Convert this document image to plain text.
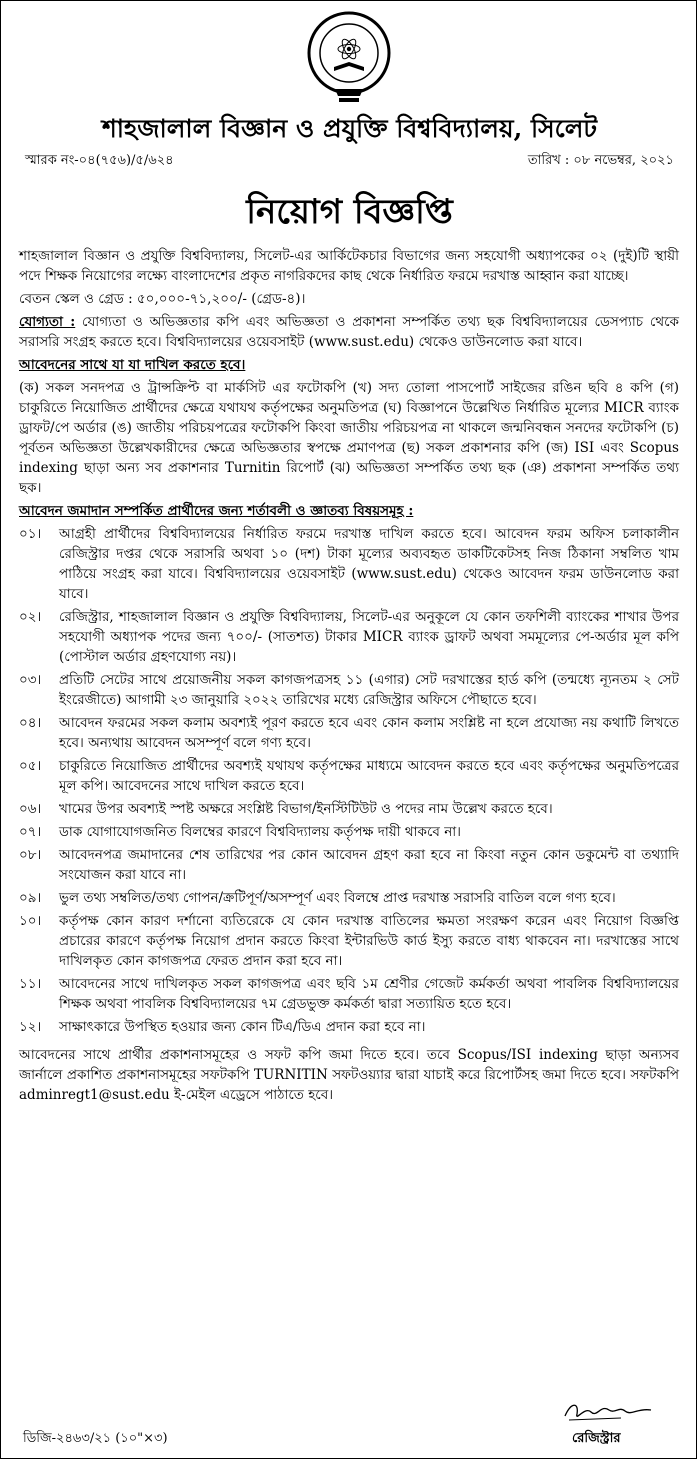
শাহজালাল বিজ্ঞান ও প্রযুক্তি বিশ্ববিদ্যালয়, সিলেট
স্মারক নং-০৪(৭৫৬)/৫/৬২৪	তারিখ : ০৮ নভেম্বর, ২০২১
নিয়োগ বিজ্ঞপ্তি

শাহজালাল বিজ্ঞান ও প্রযুক্তি বিশ্ববিদ্যালয়, সিলেট-এর আর্কিটেকচার বিভাগের জন্য সহযোগী অধ্যাপকের ০২ (দুই)টি স্থায়ী পদে শিক্ষক নিয়োগের লক্ষ্যে বাংলাদেশের প্রকৃত নাগরিকদের কাছ থেকে নির্ধারিত ফরমে দরখাস্ত আহ্বান করা যাচ্ছে।

বেতন স্কেল ও গ্রেড : ৫০,০০০-৭১,২০০/- (গ্রেড-৪)।

যোগ্যতা : যোগ্যতা ও অভিজ্ঞতার কপি এবং অভিজ্ঞতা ও প্রকাশনা সম্পর্কিত তথ্য ছক বিশ্ববিদ্যালয়ের ডেসপ্যাচ থেকে সরাসরি সংগ্রহ করতে হবে। বিশ্ববিদ্যালয়ের ওয়েবসাইট (www.sust.edu) থেকেও ডাউনলোড করা যাবে।

আবেদনের সাথে যা যা দাখিল করতে হবে।

(ক) সকল সনদপত্র ও ট্রান্সক্রিপ্ট বা মার্কসিট এর ফটোকপি (খ) সদ্য তোলা পাসপোর্ট সাইজের রঙিন ছবি ৪ কপি (গ) চাকুরিতে নিয়োজিত প্রার্থীদের ক্ষেত্রে যথাযথ কর্তৃপক্ষের অনুমতিপত্র (ঘ) বিজ্ঞাপনে উল্লেখিত নির্ধারিত মূল্যের MICR ব্যাংক ড্রাফট/পে অর্ডার (ঙ) জাতীয় পরিচয়পত্রের ফটোকপি কিংবা জাতীয় পরিচয়পত্র না থাকলে জন্মনিবন্ধন সনদের ফটোকপি (চ) পূর্বতন অভিজ্ঞতা উল্লেখকারীদের ক্ষেত্রে অভিজ্ঞতার স্বপক্ষে প্রমাণপত্র (ছ) সকল প্রকাশনার কপি (জ) ISI এবং Scopus indexing ছাড়া অন্য সব প্রকাশনার Turnitin রিপোর্ট (ঝ) অভিজ্ঞতা সম্পর্কিত তথ্য ছক (ঞ) প্রকাশনা সম্পর্কিত তথ্য ছক।

আবেদন জমাদান সম্পর্কিত প্রার্থীদের জন্য শর্তাবলী ও জ্ঞাতব্য বিষয়সমূহ :

০১।	আগ্রহী প্রার্থীদের বিশ্ববিদ্যালয়ের নির্ধারিত ফরমে দরখাস্ত দাখিল করতে হবে। আবেদন ফরম অফিস চলাকালীন রেজিস্ট্রার দপ্তর থেকে সরাসরি অথবা ১০ (দশ) টাকা মূল্যের অব্যবহৃত ডাকটিকেটসহ নিজ ঠিকানা সম্বলিত খাম পাঠিয়ে সংগ্রহ করা যাবে। বিশ্ববিদ্যালয়ের ওয়েবসাইট (www.sust.edu) থেকেও আবেদন ফরম ডাউনলোড করা যাবে।
০২।	রেজিস্ট্রার, শাহজালাল বিজ্ঞান ও প্রযুক্তি বিশ্ববিদ্যালয়, সিলেট-এর অনুকূলে যে কোন তফশিলী ব্যাংকের শাখার উপর সহযোগী অধ্যাপক পদের জন্য ৭০০/- (সাতশত) টাকার MICR ব্যাংক ড্রাফট অথবা সমমূল্যের পে-অর্ডার মূল কপি (পোস্টাল অর্ডার গ্রহণযোগ্য নয়)।
০৩।	প্রতিটি সেটের সাথে প্রয়োজনীয় সকল কাগজপত্রসহ ১১ (এগার) সেট দরখাস্তের হার্ড কপি (তন্মধ্যে ন্যূনতম ২ সেট ইংরেজীতে) আগামী ২৩ জানুয়ারি ২০২২ তারিখের মধ্যে রেজিস্ট্রার অফিসে পৌছাতে হবে।
০৪।	আবেদন ফরমের সকল কলাম অবশ্যই পূরণ করতে হবে এবং কোন কলাম সংশ্লিষ্ট না হলে প্রযোজ্য নয় কথাটি লিখতে হবে। অন্যথায় আবেদন অসম্পূর্ণ বলে গণ্য হবে।
০৫।	চাকুরিতে নিয়োজিত প্রার্থীদের অবশ্যই যথাযথ কর্তৃপক্ষের মাধ্যমে আবেদন করতে হবে এবং কর্তৃপক্ষের অনুমতিপত্রের মূল কপি। আবেদনের সাথে দাখিল করতে হবে।
০৬।	খামের উপর অবশ্যই স্পষ্ট অক্ষরে সংশ্লিষ্ট বিভাগ/ইনস্টিটিউট ও পদের নাম উল্লেখ করতে হবে।
০৭।	ডাক যোগাযোগজনিত বিলম্বের কারণে বিশ্ববিদ্যালয় কর্তৃপক্ষ দায়ী থাকবে না।
০৮।	আবেদনপত্র জমাদানের শেষ তারিখের পর কোন আবেদন গ্রহণ করা হবে না কিংবা নতুন কোন ডকুমেন্ট বা তথ্যাদি সংযোজন করা যাবে না।
০৯।	ভুল তথ্য সম্বলিত/তথ্য গোপন/ক্রটিপূর্ণ/অসম্পূর্ণ এবং বিলম্বে প্রাপ্ত দরখাস্ত সরাসরি বাতিল বলে গণ্য হবে।
১০।	কর্তৃপক্ষ কোন কারণ দর্শানো ব্যতিরেকে যে কোন দরখাস্ত বাতিলের ক্ষমতা সংরক্ষণ করেন এবং নিয়োগ বিজ্ঞপ্তি প্রচারের কারণে কর্তৃপক্ষ নিয়োগ প্রদান করতে কিংবা ইন্টারভিউ কার্ড ইস্যু করতে বাধ্য থাকবেন না। দরখাস্তের সাথে দাখিলকৃত কোন কাগজপত্র ফেরত প্রদান করা হবে না।
১১।	আবেদনের সাথে দাখিলকৃত সকল কাগজপত্র এবং ছবি ১ম শ্রেণীর গেজেট কর্মকর্তা অথবা পাবলিক বিশ্ববিদ্যালয়ের শিক্ষক অথবা পাবলিক বিশ্ববিদ্যালয়ের ৭ম গ্রেডভুক্ত কর্মকর্তা দ্বারা সত্যায়িত হতে হবে।
১২।	সাক্ষাৎকারে উপস্থিত হওয়ার জন্য কোন টিএ/ডিএ প্রদান করা হবে না।

আবেদনের সাথে প্রার্থীর প্রকাশনাসমূহের ও সফট কপি জমা দিতে হবে। তবে Scopus/ISI indexing ছাড়া অন্যসব জার্নালে প্রকাশিত প্রকাশনাসমূহের সফটকপি TURNITIN সফটওয়্যার দ্বারা যাচাই করে রিপোর্টসহ জমা দিতে হবে। সফটকপি adminregt1@sust.edu ই-মেইল এড্রেসে পাঠাতে হবে।

রেজিস্ট্রার
ডিজি-২৪৬৩/২১ (১০"×৩)
